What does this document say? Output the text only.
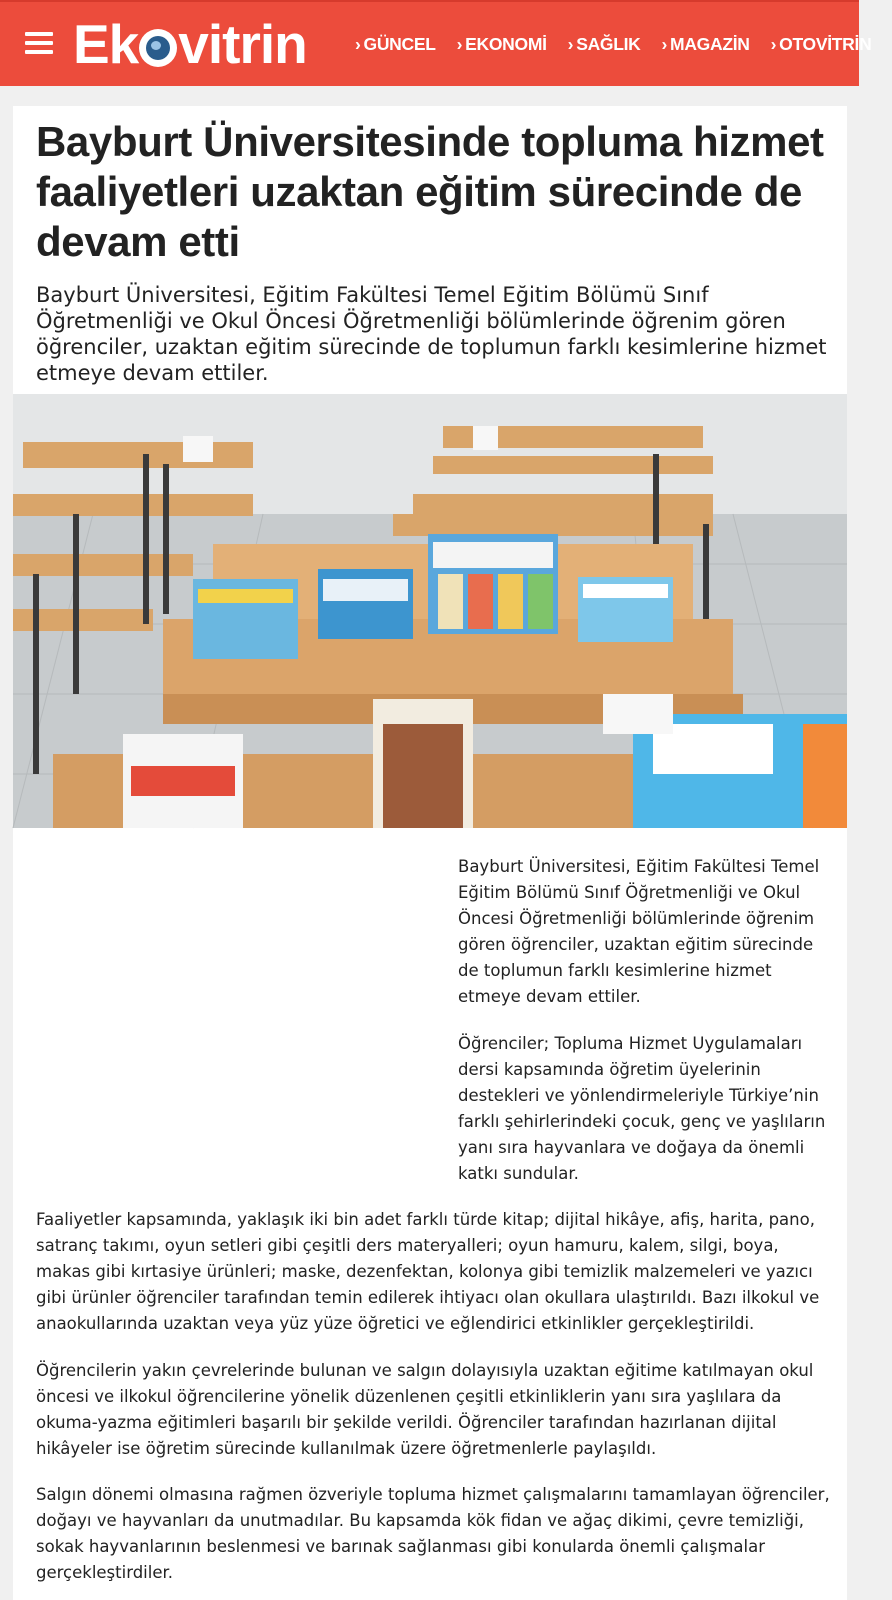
Ek vitrin	› GÜNCEL › EKONOMİ › SAĞLIK › MAGAZİN › OTOVİTRİN
Bayburt Üniversitesinde topluma hizmet faaliyetleri uzaktan eğitim sürecinde de devam etti

Bayburt Üniversitesi, Eğitim Fakültesi Temel Eğitim Bölümü Sınıf Öğretmenliği ve Okul Öncesi Öğretmenliği bölümlerinde öğrenim gören öğrenciler, uzaktan eğitim sürecinde de toplumun farklı kesimlerine hizmet etmeye devam ettiler.

Bayburt Üniversitesi, Eğitim Fakültesi Temel Eğitim Bölümü Sınıf Öğretmenliği ve Okul Öncesi Öğretmenliği bölümlerinde öğrenim gören öğrenciler, uzaktan eğitim sürecinde de toplumun farklı kesimlerine hizmet etmeye devam ettiler.

Öğrenciler; Topluma Hizmet Uygulamaları dersi kapsamında öğretim üyelerinin destekleri ve yönlendirmeleriyle Türkiye’nin farklı şehirlerindeki çocuk, genç ve yaşlıların yanı sıra hayvanlara ve doğaya da önemli katkı sundular.

Faaliyetler kapsamında, yaklaşık iki bin adet farklı türde kitap; dijital hikâye, afiş, harita, pano, satranç takımı, oyun setleri gibi çeşitli ders materyalleri; oyun hamuru, kalem, silgi, boya, makas gibi kırtasiye ürünleri; maske, dezenfektan, kolonya gibi temizlik malzemeleri ve yazıcı gibi ürünler öğrenciler tarafından temin edilerek ihtiyacı olan okullara ulaştırıldı. Bazı ilkokul ve anaokullarında uzaktan veya yüz yüze öğretici ve eğlendirici etkinlikler gerçekleştirildi.

Öğrencilerin yakın çevrelerinde bulunan ve salgın dolayısıyla uzaktan eğitime katılmayan okul öncesi ve ilkokul öğrencilerine yönelik düzenlenen çeşitli etkinliklerin yanı sıra yaşlılara da okuma-yazma eğitimleri başarılı bir şekilde verildi. Öğrenciler tarafından hazırlanan dijital hikâyeler ise öğretim sürecinde kullanılmak üzere öğretmenlerle paylaşıldı.

Salgın dönemi olmasına rağmen özveriyle topluma hizmet çalışmalarını tamamlayan öğrenciler, doğayı ve hayvanları da unutmadılar. Bu kapsamda kök fidan ve ağaç dikimi, çevre temizliği, sokak hayvanlarının beslenmesi ve barınak sağlanması gibi konularda önemli çalışmalar gerçekleştirdiler.
